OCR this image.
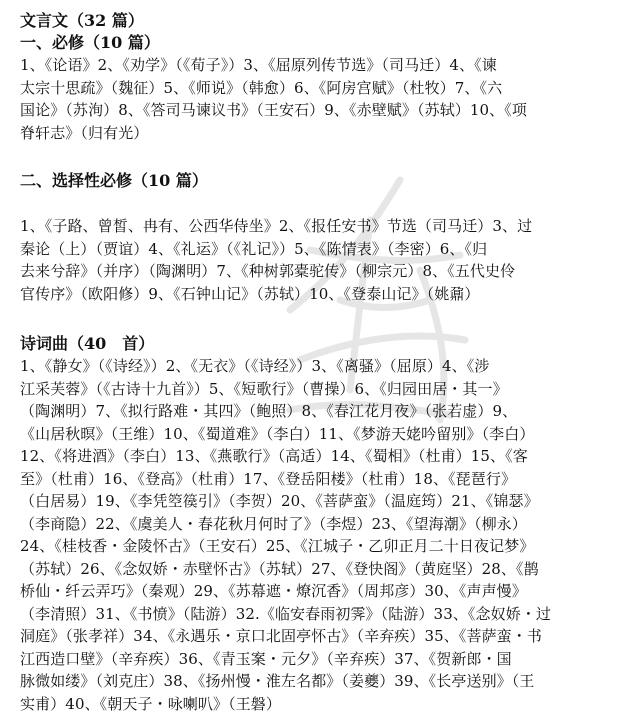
文言文（32 篇）

一、必修（10 篇）

1、《论语》2、《劝学》（《荀子》）3、《屈原列传节选》（司马迁）4、《谏

太宗十思疏》（魏征）5、《师说》（韩愈）6、《阿房宫赋》（杜牧）7、《六

国论》（苏洵）8、《答司马谏议书》（王安石）9、《赤壁赋》（苏轼）10、《项

脊轩志》（归有光）

二、选择性必修（10 篇）

1、《子路、曾皙、冉有、公西华侍坐》2、《报任安书》节选（司马迁）3、过

秦论（上）（贾谊）4、《礼运》（《礼记》）5、《陈情表》（李密）6、《归

去来兮辞》（并序）（陶渊明）7、《种树郭橐驼传》（柳宗元）8、《五代史伶

官传序》（欧阳修）9、《石钟山记》（苏轼）10、《登泰山记》（姚鼐）

诗词曲（40　首）

1、《静女》（《诗经》）2、《无衣》（《诗经》）3、《离骚》（屈原）4、《涉

江采芙蓉》（《古诗十九首》）5、《短歌行》（曹操）6、《归园田居・其一》

（陶渊明）7、《拟行路难・其四》（鲍照）8、《春江花月夜》（张若虚）9、

《山居秋暝》（王维）10、《蜀道难》（李白）11、《梦游天姥吟留别》（李白）

12、《将进酒》（李白）13、《燕歌行》（高适）14、《蜀相》（杜甫）15、《客

至》（杜甫）16、《登高》（杜甫）17、《登岳阳楼》（杜甫）18、《琵琶行》

（白居易）19、《李凭箜篌引》（李贺）20、《菩萨蛮》（温庭筠）21、《锦瑟》

（李商隐）22、《虞美人・春花秋月何时了》（李煜）23、《望海潮》（柳永）

24、《桂枝香・金陵怀古》（王安石）25、《江城子・乙卯正月二十日夜记梦》

（苏轼）26、《念奴娇・赤壁怀古》（苏轼）27、《登快阁》（黄庭坚）28、《鹊

桥仙・纤云弄巧》（秦观）29、《苏幕遮・燎沉香》（周邦彦）30、《声声慢》

（李清照）31、《书愤》（陆游）32.《临安春雨初霁》（陆游）33、《念奴娇・过

洞庭》（张孝祥）34、《永遇乐・京口北固亭怀古》（辛弃疾）35、《菩萨蛮・书

江西造口壁》（辛弃疾）36、《青玉案・元夕》（辛弃疾）37、《贺新郎・国

脉微如缕》（刘克庄）38、《扬州慢・淮左名都》（姜夔）39、《长亭送别》（王

实甫）40、《朝天子・咏喇叭》（王磐）
